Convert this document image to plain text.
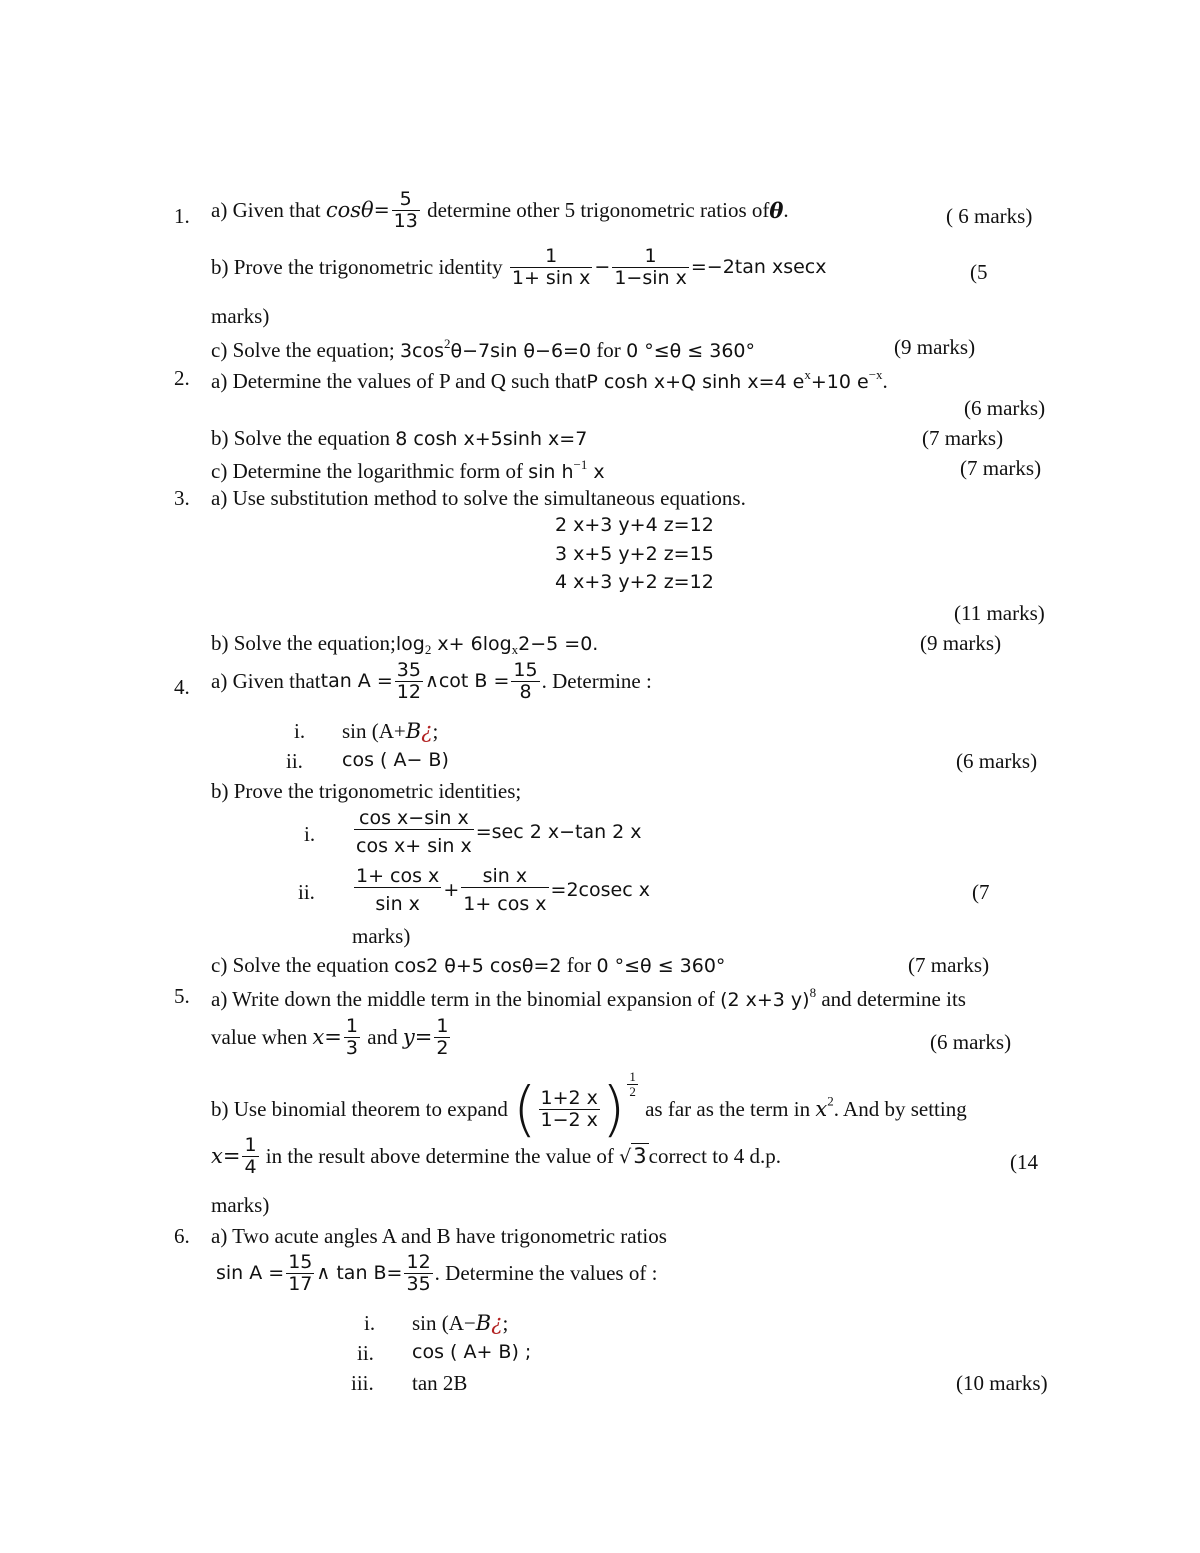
1. a) Given that $\cos\theta= \frac{5}{13}$ determine other 5 trigonometric ratios ofθ.	( 6 marks)
b) Prove the trigonometric identity $\frac{1}{\text{1+ sin x}} - \frac{1}{\text{1−sin x}} =-2\tan$ xsecx	(5
marks)
c) Solve the equation; $3\cos^2\theta-7\sin$ θ−6=0 for 0 °≤θ ≤ 360°	(9 marks)
2. a) Determine the values of P and Q such thatP cosh x+Q sinh x=4 $e^x+10$ $e^{-x}$.
(6 marks)
b) Solve the equation 8 cosh x+5sinh x=7	(7 marks)
c) Determine the logarithmic form of $\sin h^{-1}$ x	(7 marks)
3. a) Use substitution method to solve the simultaneous equations.
2 x+3 y+4 z=12
3 x+5 y+2 z=15
4 x+3 y+2 z=12
(11 marks)
b) Solve the $equation;\log_2$ $x+ 6\log_x2-5 =0$.	(9 marks)
4. a) Given thattan $A = \frac{35}{12}$ ∧cot $B = \frac{15}{8}$ . Determine :
i. sin (A+B¿;
ii. cos ( A− B)	(6 marks)
b) Prove the trigonometric identities;
i. $\frac{\text{cos x−sin x}}{\text{cos x+ sin x}} =\sec$ 2 x−tan 2 x
ii. $\frac{\text{1+ cos x}}{\text{sin x}} + \frac{\text{sin x}}{\text{1+ cos x}} =2cosec$ x	(7
marks)
c) Solve the equation cos2 θ+5 cosθ=2 for 0 °≤θ ≤ 360°	(7 marks)
5. a) Write down the middle term in the binomial expansion of (2 x+3 y)$^8$ and determine its
value when $x= \frac{1}{3}$ and $y= \frac{1}{2}$	(6 marks)
b) Use binomial theorem to expand ( $\frac{1+2 x}{1-2 x}$ ) $\frac{1}{2}$
as far as the term in $x^2$. And by setting
$x= \frac{1}{4}$ in the result above determine the value of √3correct to 4 d.p.	(14
marks)
6. a) Two acute angles A and B have trigonometric ratios
$\sin A = \frac{15}{17}$ ∧ $\tan B= \frac{12}{35}$ . Determine the values of :
i. sin (A−B¿;
ii. cos ( A+ B) ;
iii. tan 2B	(10 marks)
